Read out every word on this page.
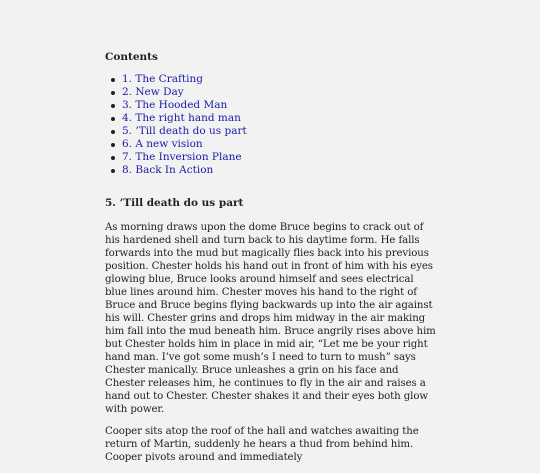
Contents
1. The Crafting
2. New Day
3. The Hooded Man
4. The right hand man
5. ’Till death do us part
6. A new vision
7. The Inversion Plane
8. Back In Action
5. ’Till death do us part

As morning draws upon the dome Bruce begins to crack out of his hardened shell and turn back to his daytime form. He falls forwards into the mud but magically flies back into his previous position. Chester holds his hand out in front of him with his eyes glowing blue, Bruce looks around himself and sees electrical blue lines around him. Chester moves his hand to the right of Bruce and Bruce begins flying backwards up into the air against his will. Chester grins and drops him midway in the air making him fall into the mud beneath him. Bruce angrily rises above him but Chester holds him in place in mid air, “Let me be your right hand man. I’ve got some mush’s I need to turn to mush” says Chester manically. Bruce unleashes a grin on his face and Chester releases him, he continues to fly in the air and raises a hand out to Chester. Chester shakes it and their eyes both glow with power.

Cooper sits atop the roof of the hall and watches awaiting the return of Martin, suddenly he hears a thud from behind him. Cooper pivots around and immediately
